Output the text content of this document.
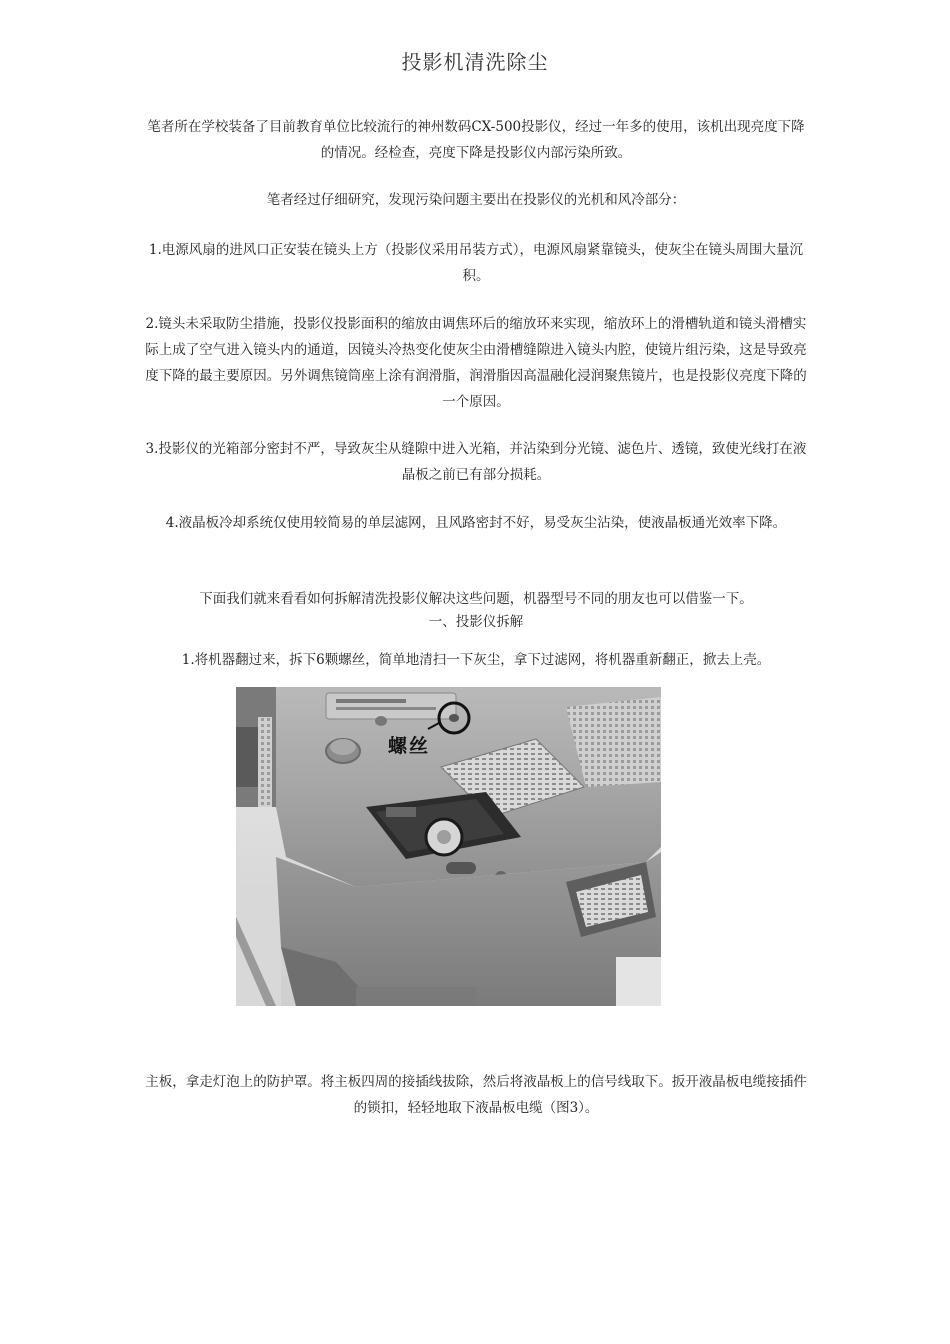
投影机清洗除尘

笔者所在学校装备了目前教育单位比较流行的神州数码CX-500投影仪，经过一年多的使用，该机出现亮度下降的情况。经检查，亮度下降是投影仪内部污染所致。

笔者经过仔细研究，发现污染问题主要出在投影仪的光机和风冷部分：

1.电源风扇的进风口正安装在镜头上方（投影仪采用吊装方式），电源风扇紧靠镜头，使灰尘在镜头周围大量沉积。

2.镜头未采取防尘措施，投影仪投影面积的缩放由调焦环后的缩放环来实现，缩放环上的滑槽轨道和镜头滑槽实际上成了空气进入镜头内的通道，因镜头冷热变化使灰尘由滑槽缝隙进入镜头内腔，使镜片组污染，这是导致亮度下降的最主要原因。另外调焦镜筒座上涂有润滑脂，润滑脂因高温融化浸润聚焦镜片，也是投影仪亮度下降的一个原因。

3.投影仪的光箱部分密封不严，导致灰尘从缝隙中进入光箱，并沾染到分光镜、滤色片、透镜，致使光线打在液晶板之前已有部分损耗。

4.液晶板冷却系统仅使用较简易的单层滤网，且风路密封不好，易受灰尘沾染，使液晶板通光效率下降。

下面我们就来看看如何拆解清洗投影仪解决这些问题，机器型号不同的朋友也可以借鉴一下。

一、投影仪拆解

1.将机器翻过来，拆下6颗螺丝，简单地清扫一下灰尘，拿下过滤网，将机器重新翻正，掀去上壳。

螺丝

主板，拿走灯泡上的防护罩。将主板四周的接插线拔除，然后将液晶板上的信号线取下。扳开液晶板电缆接插件的锁扣，轻轻地取下液晶板电缆（图3）。
